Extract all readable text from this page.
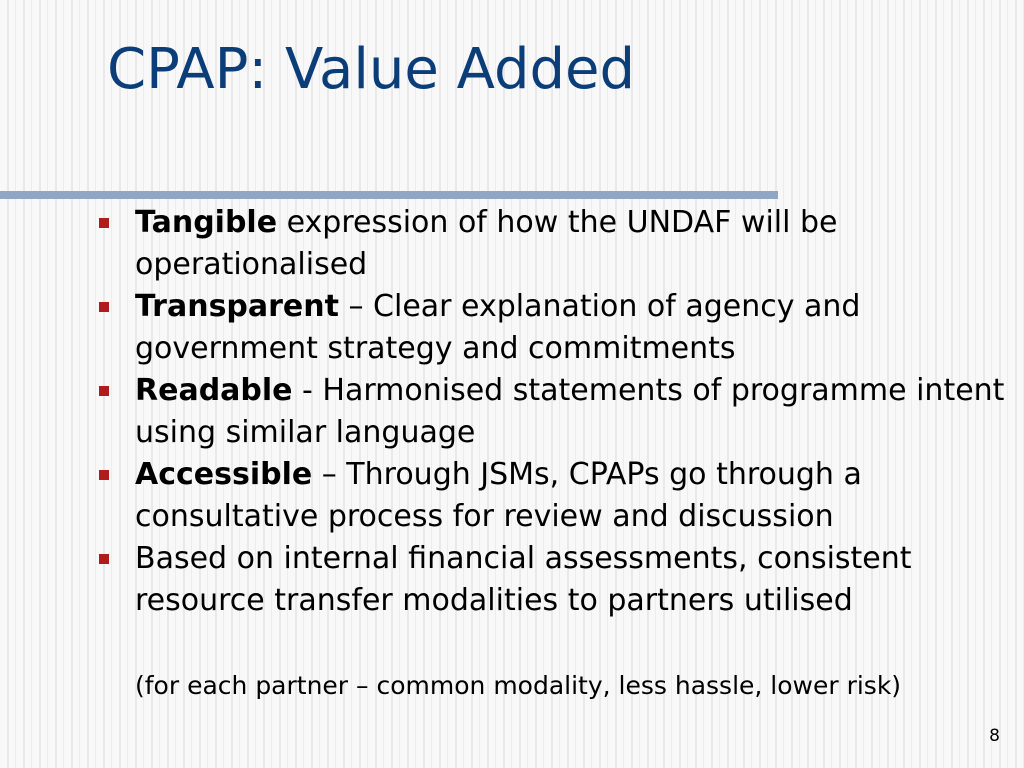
CPAP: Value Added
Tangible expression of how the UNDAF will be operationalised
Transparent – Clear explanation of agency and government strategy and commitments
Readable - Harmonised statements of programme intent using similar language
Accessible – Through JSMs, CPAPs go through a consultative process for review and discussion
Based on internal financial assessments, consistent resource transfer modalities to partners utilised
(for each partner – common modality, less hassle, lower risk)
8
